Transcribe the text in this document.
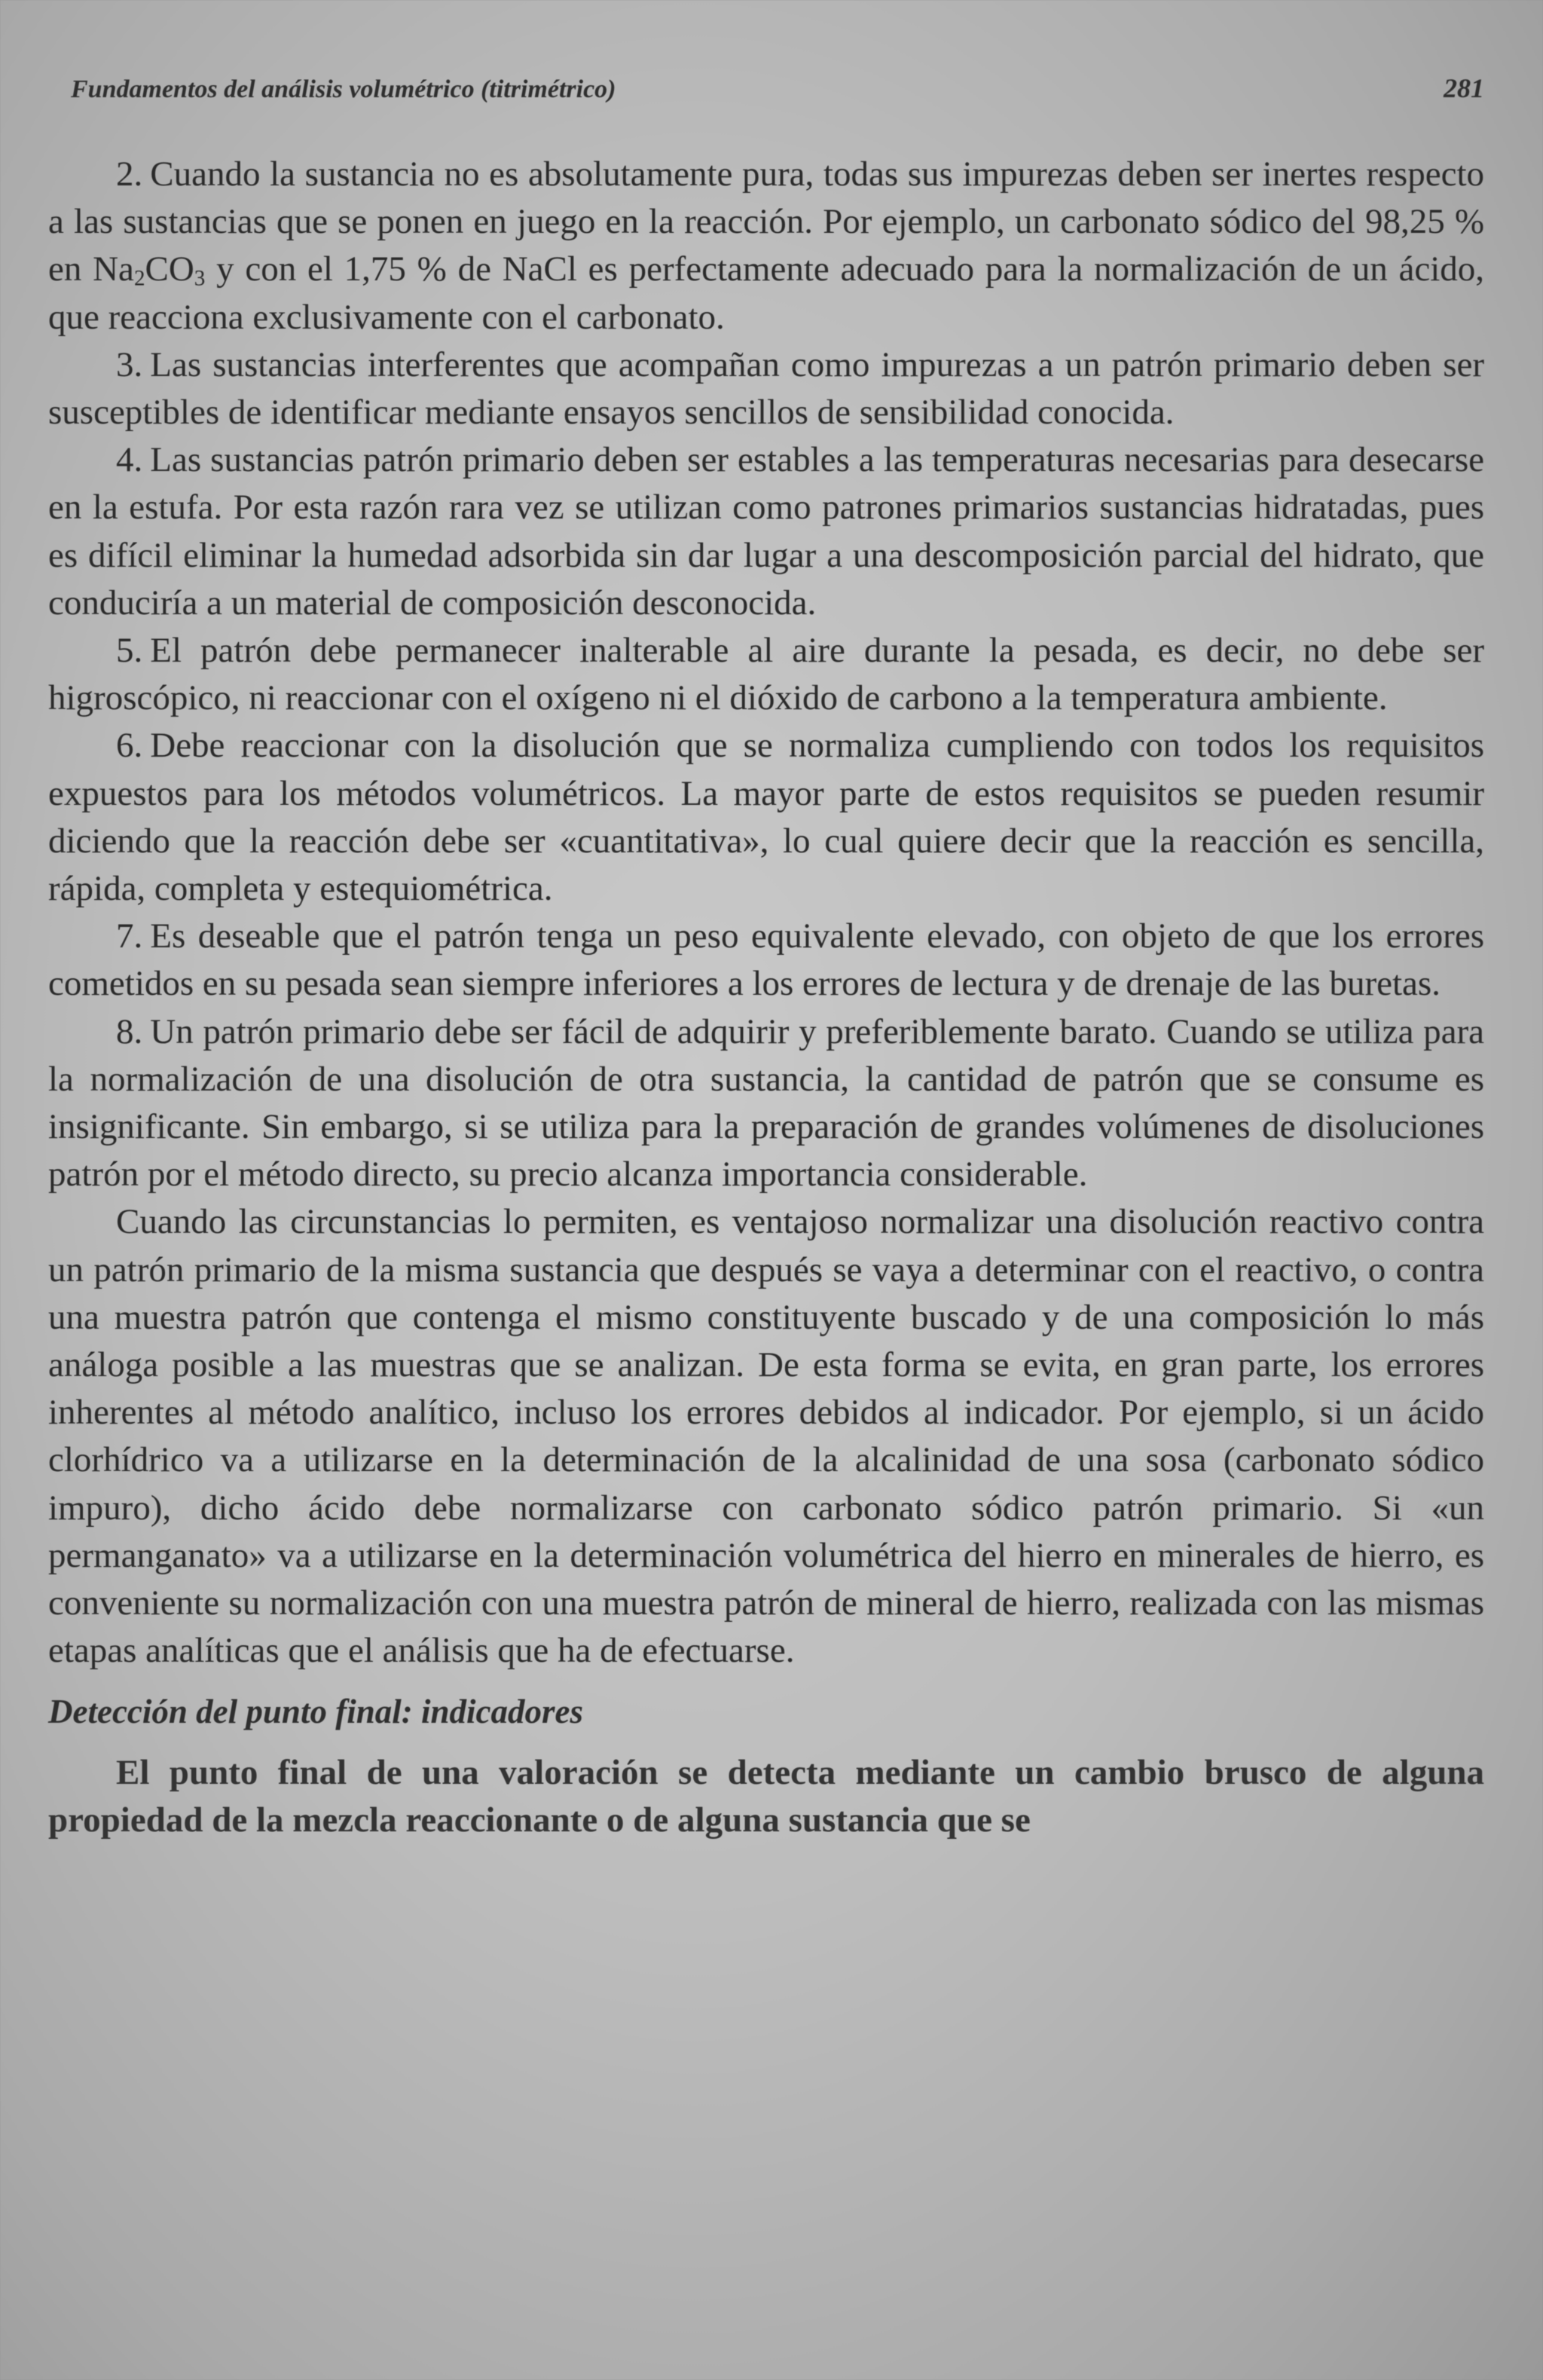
Fundamentos del análisis volumétrico (titrimétrico)	281

2. Cuando la sustancia no es absolutamente pura, todas sus impurezas deben ser inertes respecto a las sustancias que se ponen en juego en la reacción. Por ejemplo, un carbonato sódico del 98,25 % en $Na_2CO_3$ y con el 1,75 % de NaCl es perfectamente adecuado para la normalización de un ácido, que reacciona exclusivamente con el carbonato.

3. Las sustancias interferentes que acompañan como impurezas a un patrón primario deben ser susceptibles de identificar mediante ensayos sencillos de sensibilidad conocida.

4. Las sustancias patrón primario deben ser estables a las temperaturas necesarias para desecarse en la estufa. Por esta razón rara vez se utilizan como patrones primarios sustancias hidratadas, pues es difícil eliminar la humedad adsorbida sin dar lugar a una descomposición parcial del hidrato, que conduciría a un material de composición desconocida.

5. El patrón debe permanecer inalterable al aire durante la pesada, es decir, no debe ser higroscópico, ni reaccionar con el oxígeno ni el dióxido de carbono a la temperatura ambiente.

6. Debe reaccionar con la disolución que se normaliza cumpliendo con todos los requisitos expuestos para los métodos volumétricos. La mayor parte de estos requisitos se pueden resumir diciendo que la reacción debe ser «cuantitativa», lo cual quiere decir que la reacción es sencilla, rápida, completa y estequiométrica.

7. Es deseable que el patrón tenga un peso equivalente elevado, con objeto de que los errores cometidos en su pesada sean siempre inferiores a los errores de lectura y de drenaje de las buretas.

8. Un patrón primario debe ser fácil de adquirir y preferiblemente barato. Cuando se utiliza para la normalización de una disolución de otra sustancia, la cantidad de patrón que se consume es insignificante. Sin embargo, si se utiliza para la preparación de grandes volúmenes de disoluciones patrón por el método directo, su precio alcanza importancia considerable.

Cuando las circunstancias lo permiten, es ventajoso normalizar una disolución reactivo contra un patrón primario de la misma sustancia que después se vaya a determinar con el reactivo, o contra una muestra patrón que contenga el mismo constituyente buscado y de una composición lo más análoga posible a las muestras que se analizan. De esta forma se evita, en gran parte, los errores inherentes al método analítico, incluso los errores debidos al indicador. Por ejemplo, si un ácido clorhídrico va a utilizarse en la determinación de la alcalinidad de una sosa (carbonato sódico impuro), dicho ácido debe normalizarse con carbonato sódico patrón primario. Si «un permanganato» va a utilizarse en la determinación volumétrica del hierro en minerales de hierro, es conveniente su normalización con una muestra patrón de mineral de hierro, realizada con las mismas etapas analíticas que el análisis que ha de efectuarse.

Detección del punto final: indicadores

El punto final de una valoración se detecta mediante un cambio brusco de alguna propiedad de la mezcla reaccionante o de alguna sustancia que se
